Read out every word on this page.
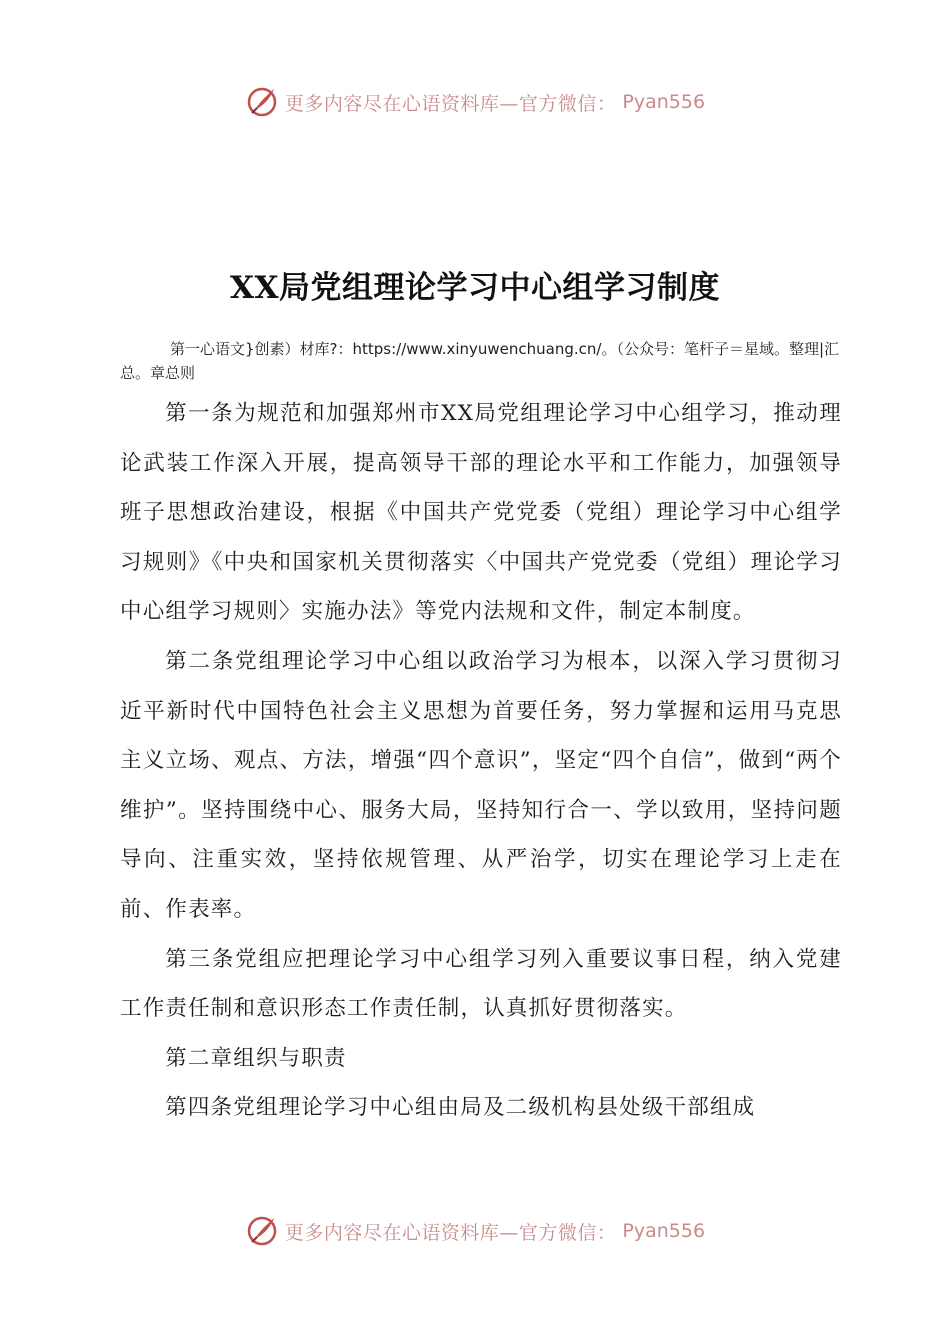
更多内容尽在心语资料库—官方微信： Pyan556
XX局党组理论学习中心组学习制度
第一心语文}创素）材库?：https://www.xinyuwenchuang.cn/。（公众号：笔杆子＝星域。整理|汇总。章总则

第一条为规范和加强郑州市XX局党组理论学习中心组学习，推动理论武装工作深入开展，提高领导干部的理论水平和工作能力，加强领导班子思想政治建设，根据《中国共产党党委（党组）理论学习中心组学习规则》《中央和国家机关贯彻落实〈中国共产党党委（党组）理论学习中心组学习规则〉实施办法》等党内法规和文件，制定本制度。

第二条党组理论学习中心组以政治学习为根本，以深入学习贯彻习近平新时代中国特色社会主义思想为首要任务，努力掌握和运用马克思主义立场、观点、方法，增强“四个意识”，坚定“四个自信”，做到“两个维护”。坚持围绕中心、服务大局，坚持知行合一、学以致用，坚持问题导向、注重实效，坚持依规管理、从严治学，切实在理论学习上走在前、作表率。

第三条党组应把理论学习中心组学习列入重要议事日程，纳入党建工作责任制和意识形态工作责任制，认真抓好贯彻落实。

第二章组织与职责

第四条党组理论学习中心组由局及二级机构县处级干部组成

更多内容尽在心语资料库—官方微信： Pyan556
